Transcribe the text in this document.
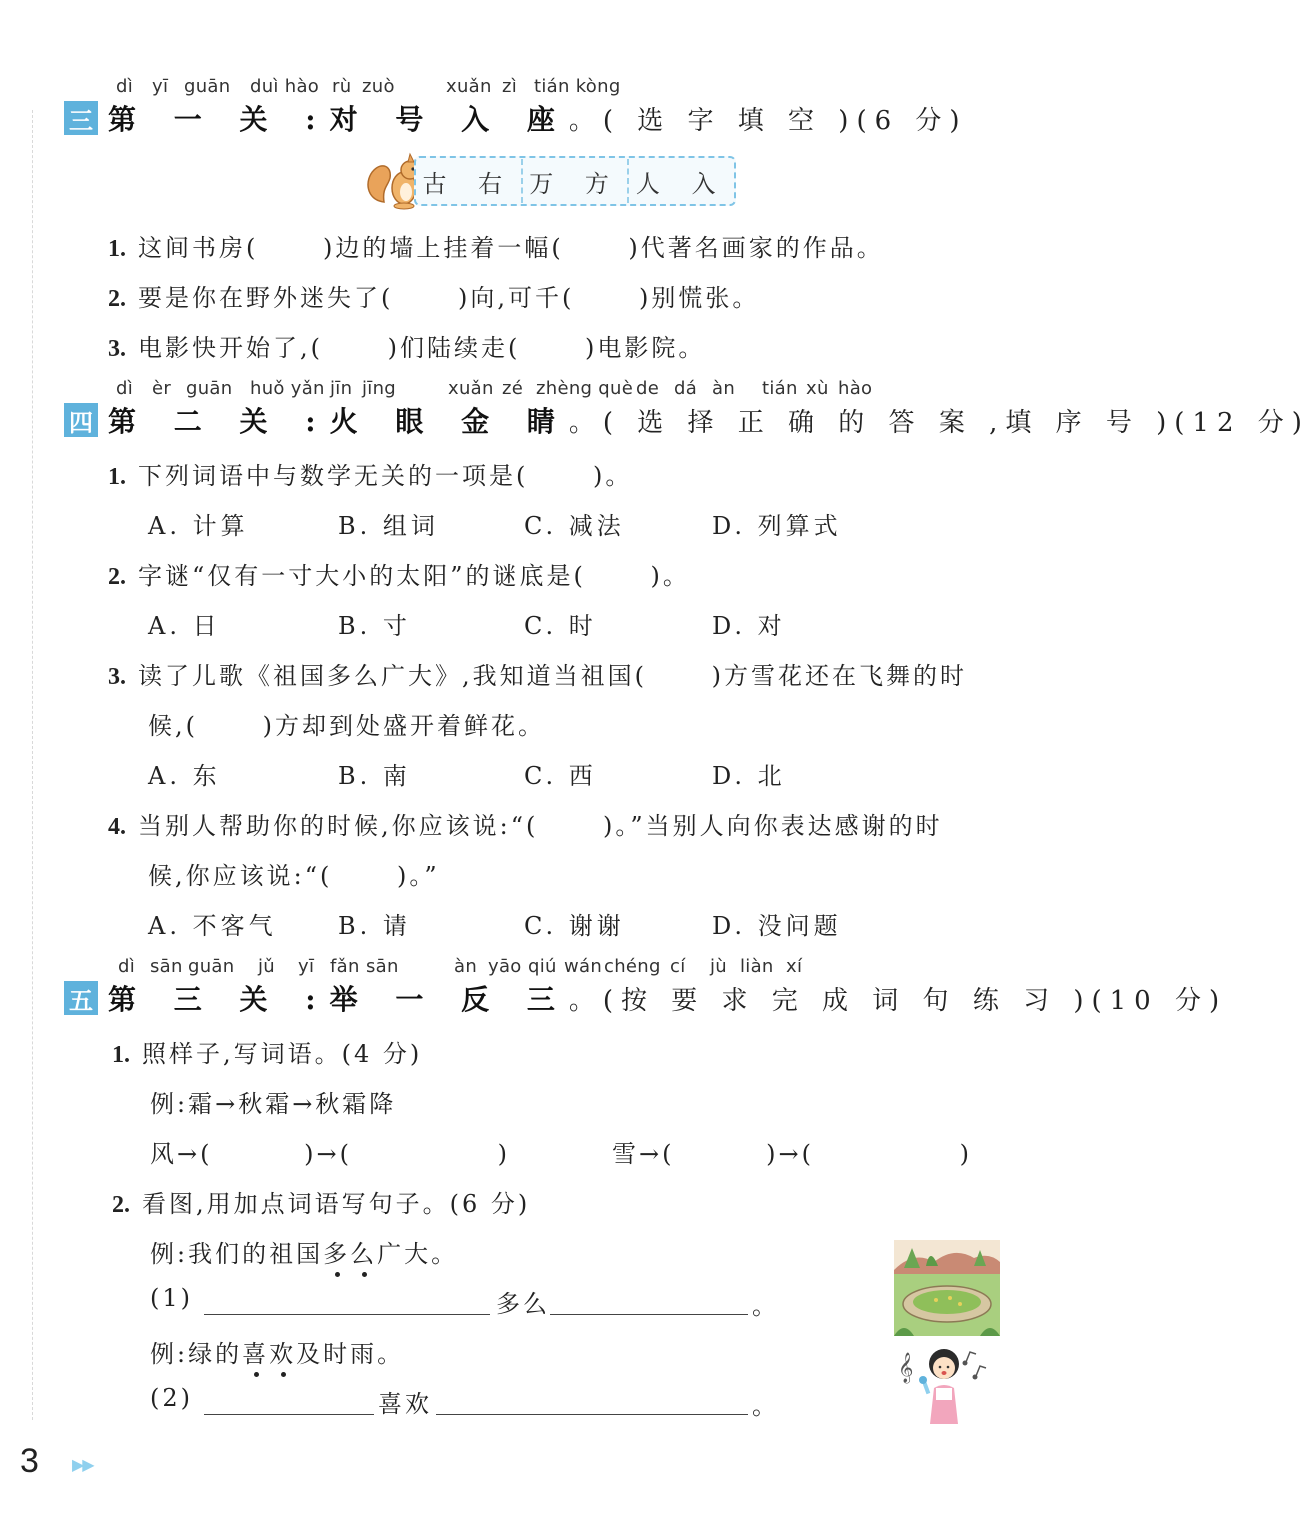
dì yī guān duì hào rù zuò	xuǎn zì tián kòng
三 第 一 关 :对 号 入 座 。( 选 字 填 空 )(6 分)
古 右 万 方 人 入
1. 这间书房(　　 )边的墙上挂着一幅(　　 )代著名画家的作品。
2. 要是你在野外迷失了(　　 )向,可千(　　 )别慌张。
3. 电影快开始了,(　　 )们陆续走(　　 )电影院。
dì èr guān huǒ yǎn jīn jīng	xuǎn zé zhèng què de dá àn tián xù hào
四 第 二 关 :火 眼 金 睛 。( 选 择 正 确 的 答 案 ,填 序 号 )(12 分)
1. 下列词语中与数学无关的一项是(　　 )。
A. 计算	B. 组词	C. 减法	D. 列算式
2. 字谜“仅有一寸大小的太阳”的谜底是(　　 )。
A. 日	B. 寸	C. 时	D. 对
3. 读了儿歌《祖国多么广大》,我知道当祖国(　　 )方雪花还在飞舞的时
候,(　　 )方却到处盛开着鲜花。
A. 东	B. 南	C. 西	D. 北
4. 当别人帮助你的时候,你应该说:“(　　 )。”当别人向你表达感谢的时
候,你应该说:“(　　 )。”
A. 不客气	B. 请	C. 谢谢	D. 没问题
dì sān guān jǔ yī fǎn sān	àn yāo qiú wán chéng cí jù liàn xí
五 第 三 关 :举 一 反 三 。(按 要 求 完 成 词 句 练 习 )(10 分)
1. 照样子,写词语。(4 分)
例:霜→秋霜→秋霜降
风→(　　　 )→(　　　　　 )	雪→(　　　 )→(　　　　　 )
2. 看图,用加点词语写句子。(6 分)
例:我们的祖国多么广大。
(1)	多么	。
例:绿的喜欢及时雨。
(2)	喜欢	。
𝄞
3 ▶▶
